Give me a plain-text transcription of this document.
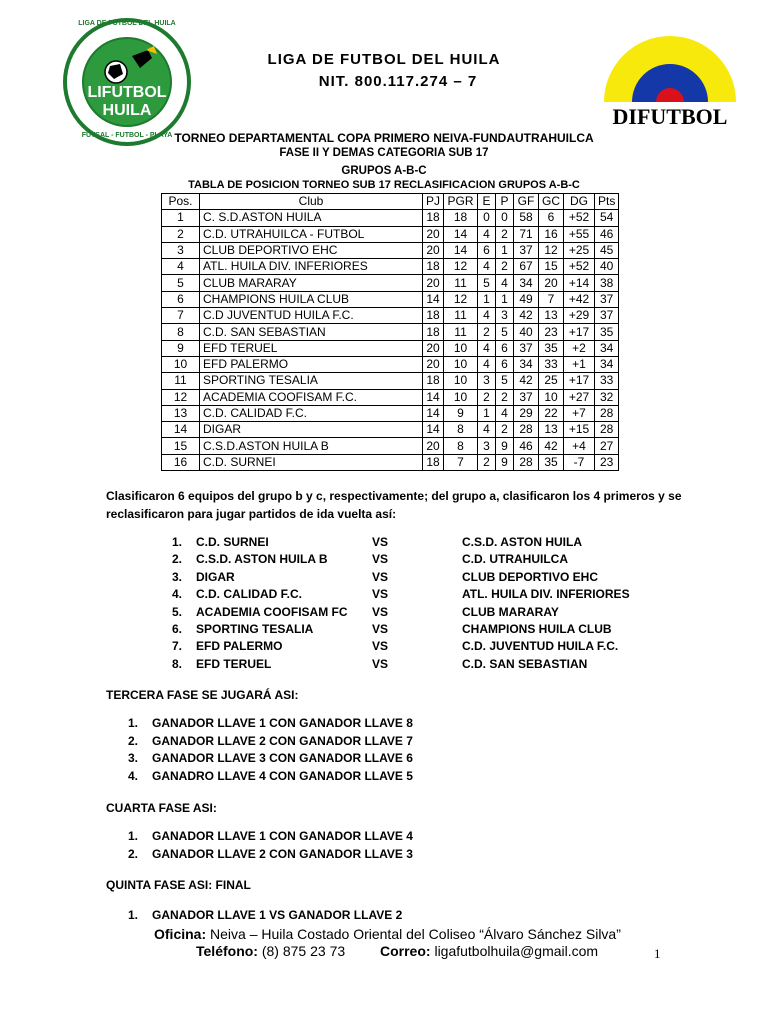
LIFUTBOL
HUILA
LIGA DE FUTBOL DEL HUILA
FUTSAL - FUTBOL - PLAYA
DIFUTBOL
LIGA DE FUTBOL DEL HUILA
NIT. 800.117.274 – 7
TORNEO DEPARTAMENTAL COPA PRIMERO NEIVA-FUNDAUTRAHUILCA
FASE II Y DEMAS CATEGORIA SUB 17
GRUPOS A-B-C
TABLA DE POSICION TORNEO SUB 17 RECLASIFICACION GRUPOS A-B-C
Pos.	Club	PJ	PGR	E	P	GF	GC	DG	Pts
1	C. S.D.ASTON HUILA	18	18	0	0	58	6	+52	54
2	C.D. UTRAHUILCA - FUTBOL	20	14	4	2	71	16	+55	46
3	CLUB DEPORTIVO EHC	20	14	6	1	37	12	+25	45
4	ATL. HUILA DIV. INFERIORES	18	12	4	2	67	15	+52	40
5	CLUB MARARAY	20	11	5	4	34	20	+14	38
6	CHAMPIONS HUILA CLUB	14	12	1	1	49	7	+42	37
7	C.D JUVENTUD HUILA F.C.	18	11	4	3	42	13	+29	37
8	C.D. SAN SEBASTIAN	18	11	2	5	40	23	+17	35
9	EFD TERUEL	20	10	4	6	37	35	+2	34
10	EFD PALERMO	20	10	4	6	34	33	+1	34
11	SPORTING TESALIA	18	10	3	5	42	25	+17	33
12	ACADEMIA COOFISAM F.C.	14	10	2	2	37	10	+27	32
13	C.D. CALIDAD F.C.	14	9	1	4	29	22	+7	28
14	DIGAR	14	8	4	2	28	13	+15	28
15	C.S.D.ASTON HUILA B	20	8	3	9	46	42	+4	27
16	C.D. SURNEI	18	7	2	9	28	35	-7	23
Clasificaron 6 equipos del grupo b y c, respectivamente; del grupo a, clasificaron los 4 primeros y se
reclasificaron para jugar partidos de ida vuelta así:
1. C.D. SURNEI	VS	C.S.D. ASTON HUILA
2. C.S.D. ASTON HUILA B	VS	C.D. UTRAHUILCA
3. DIGAR	VS	CLUB DEPORTIVO EHC
4. C.D. CALIDAD F.C.	VS	ATL. HUILA DIV. INFERIORES
5. ACADEMIA COOFISAM FC VS	CLUB MARARAY
6. SPORTING TESALIA	VS	CHAMPIONS HUILA CLUB
7. EFD PALERMO	VS	C.D. JUVENTUD HUILA F.C.
8. EFD TERUEL	VS	C.D. SAN SEBASTIAN
TERCERA FASE SE JUGARÁ ASI:
1. GANADOR LLAVE 1 CON GANADOR LLAVE 8
2. GANADOR LLAVE 2 CON GANADOR LLAVE 7
3. GANADOR LLAVE 3 CON GANADOR LLAVE 6
4. GANADRO LLAVE 4 CON GANADOR LLAVE 5
CUARTA FASE ASI:
1. GANADOR LLAVE 1 CON GANADOR LLAVE 4
2. GANADOR LLAVE 2 CON GANADOR LLAVE 3
QUINTA FASE ASI: FINAL
1. GANADOR LLAVE 1 VS GANADOR LLAVE 2
Oficina: Neiva – Huila Costado Oriental del Coliseo “Álvaro Sánchez Silva”
Teléfono: (8) 875 23 73 Correo: ligafutbolhuila@gmail.com	1
